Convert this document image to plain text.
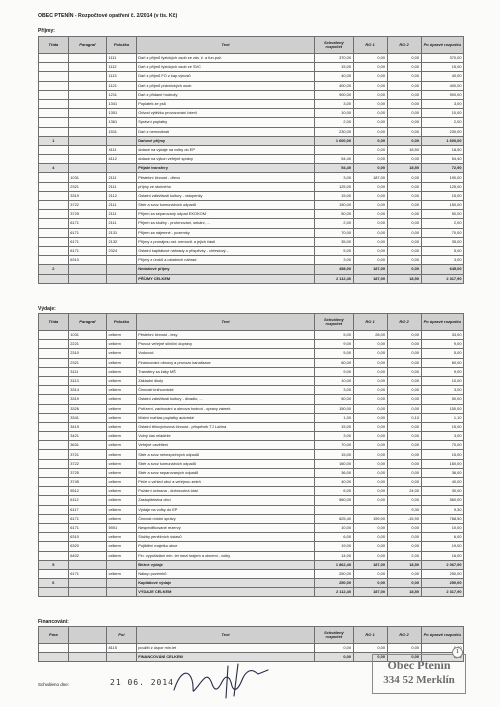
OBEC PTENÍN - Rozpočtové opatření č. 2/2014 (v tis. Kč)
Příjmy:
Třída	Paragraf	Položka	Text	Schválený rozpočet	RO 1	RO 2	Po úpravě rozpočtu
		1111	Daň z příjmů fyzických osob ze záv. č. a fun.pož.	370,00	0,00	0,00	370,00
		1112	Daň z příjmů fyzických osob ze SVC	15,00	0,00	0,00	15,00
		1113	Daň z příjmů FO z kap.výnosů	40,00	0,00	0,00	40,00
		1121	Daň z příjmů právnických osob	400,00	0,00	0,00	400,00
		1211	Daň z přidané hodnoty	900,00	0,00	0,00	900,00
		1341	Poplatek ze psů	3,00	0,00	0,00	3,00
		1351	Odvod výtěžku provozování loterií	10,00	0,00	0,00	10,00
		1361	Správní poplatky	2,00	0,00	0,00	2,00
		1511	Daň z nemovitostí	230,00	0,00	0,00	230,00
1			Daňové příjmy	1 600,00	0,00	0,00	1 600,00
		4111	dotace na výdaje na volby do EP		0,00	18,50	18,50
		4112	dotace na výkon veřejné správy	54,40	0,00	0,00	54,40
4			Přijaté transfery	54,40	0,00	18,50	72,90
	1031	2111	Pěstební činnost - dřevo	3,00	187,00	0,00	190,00
	2321	2111	příjmy ze stočného	125,00	0,00	0,00	125,00
	3319	2112	Ostatní záležitosti kultury - vstupenky	15,00	0,00	0,00	15,00
	3722	2111	Sběr a svoz komunálních odpadů	150,00	0,00	0,00	150,00
	3725	2111	Příjem za separovaný odpad EKOKOM	50,00	0,00	0,00	50,00
	6171	2111	Příjem za služby - prohrnování, sekání, ...	2,00	0,00	0,00	2,00
	6171	2131	Příjem za nájemné - pozemky	70,00	0,00	0,00	70,00
	6171	2132	Příjmy z pronájmu ost. nemovit. a jejich částí	35,00	0,00	0,00	35,00
	6171	2324	Ostatní kapitálové náhrady a příspěvky - chřestový...	5,00	0,00	0,00	5,00
	6310		Příjmy z úroků a ostatních náhrad	3,00	0,00	0,00	3,00
2			Nedaňové příjmy	458,00	187,00	0,00	645,00
			PŘÍJMY CELKEM	2 112,40	187,00	18,50	2 317,90
Výdaje:
Třída	Paragraf	Položka	Text	Schválený rozpočet	RO 1	RO 2	Po úpravě rozpočtu
	1031	celkem	Pěstební činnost - lesy	5,00	28,00	0,00	33,00
	2221	celkem	Provoz veřejné silniční dopravy	9,00	0,00	0,00	9,00
	2310	celkem	Vodovod	5,00	0,00	0,00	5,00
	2321	celkem	Financování obnovy a provozu kanalizace	60,00	0,00	0,00	60,00
	3111	celkem	Transfery za žáky MŠ	9,00	0,00	0,00	9,00
	3113	celkem	Základní školy	10,00	0,00	0,00	10,00
	3314	celkem	Činnosti knihovnické	3,00	0,00	0,00	3,00
	3319	celkem	Ostatní záležitosti kultury - divadlo, ...	50,00	0,00	0,00	50,00
	3326	celkem	Pořízení, zachování a obnova hodnot - opravy zámek	150,00	0,00	0,00	150,00
	3341	celkem	Místní rozhlas poplatky autorské	1,00	0,00	0,10	1,10
	3419	celkem	Ostatní tělovýchovná činnost - příspěvek TJ Lužina	15,00	0,00	0,00	15,00
	3421	celkem	Volný čas mládeže	3,00	0,00	0,00	3,00
	3631	celkem	Veřejné osvětlení	70,00	0,00	0,00	70,00
	3721	celkem	Sběr a svoz nebezpečných odpadů	15,00	0,00	0,00	15,00
	3722	celkem	Sběr a svoz komunálních odpadů	160,00	0,00	0,00	160,00
	3725	celkem	Sběr a svoz separovaných odpadů	36,00	0,00	0,00	36,00
	3745	celkem	Péče o vzhled obcí a veřejnou zeleň	40,00	0,00	0,00	40,00
	5512	celkem	Požární ochrana - dobrovolná část	6,00	0,00	24,00	30,00
	6112	celkem	Zastupitelstva obcí	560,00	0,00	0,00	560,00
	6117	celkem	Výdaje na volby do EP			9,30	9,30
	6171	celkem	Činnost místní správy	625,40	159,00	-15,90	768,50
	6171	5901	Nespecifikované rezervy	10,00	0,00	0,00	10,00
	6310	celkem	Služby peněžních ústavů	6,00	0,00	0,00	6,00
	6320	celkem	Pojištění majetku obce	19,00	0,00	0,00	19,00
	6402	celkem	Fin. vypořádání min. let mezi krajem a obcemi - volby	14,00	0,00	2,00	16,00
5			Běžné výdaje	1 862,40	187,00	18,50	2 067,90
	6171	celkem	Nákup pozemků	250,00	0,00	0,00	250,00
6			Kapitálové výdaje	250,00	0,00	0,00	250,00
			VÝDAJE CELKEM	2 112,40	187,00	18,50	2 317,90
Financování:
Para		Pol	Text	Schválený rozpočet	RO 1	RO 2	Po úpravě rozpočtu
		8115	použití z úspor min.let	0,00	0,00	0,00	
			FINANCOVÁNÍ CELKEM	0,00	0,00	0,00	
Schváleno dne:	21 06. 2014
1
Obec Ptenín
334 52 Merklín
